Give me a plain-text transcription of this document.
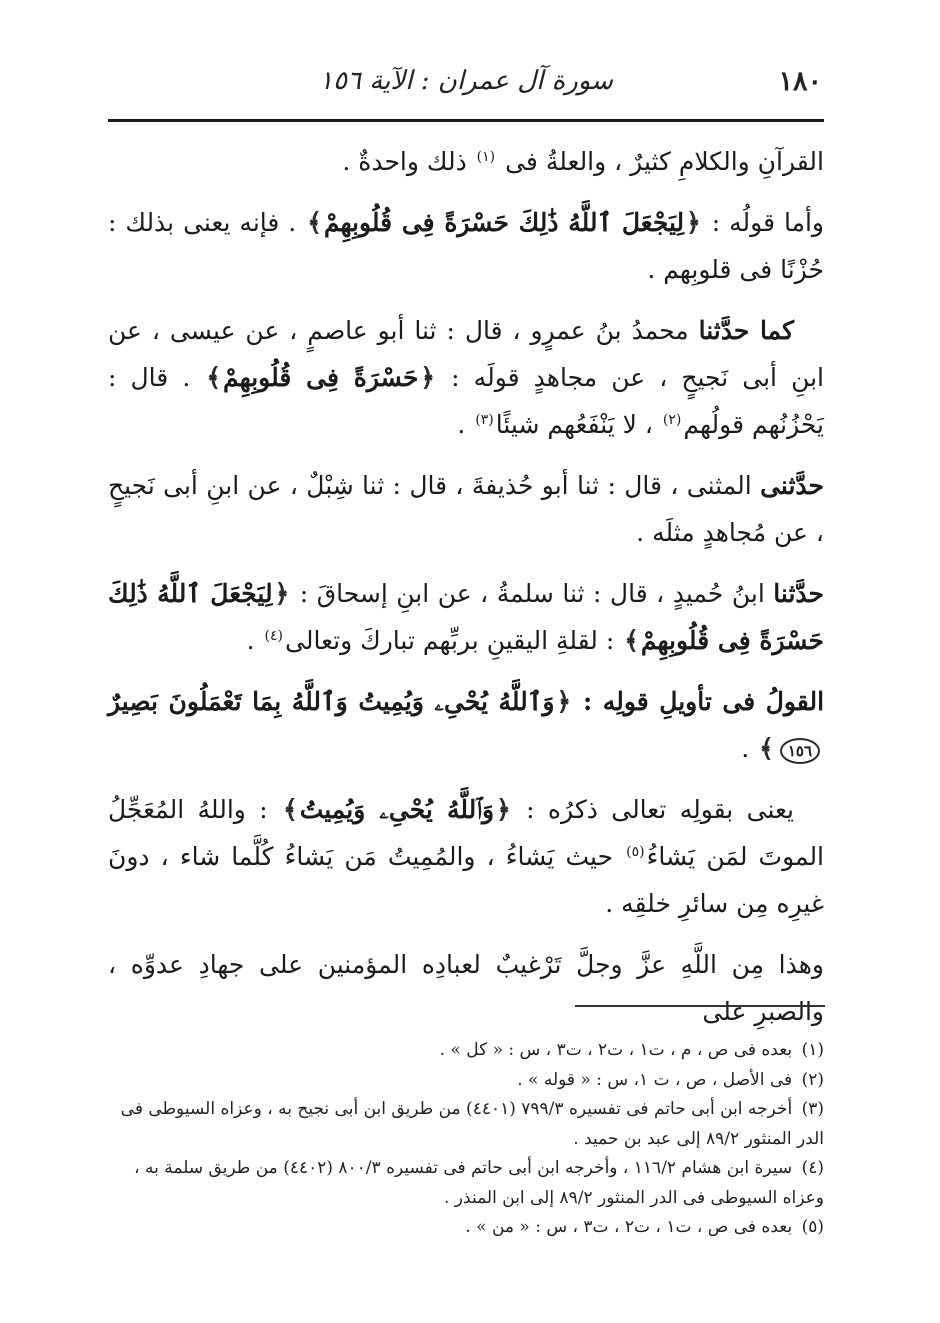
١٨٠
سورة آل عمران : الآية ١٥٦

القرآنِ والكلامِ كثيرٌ ، والعلةُ فى $^{(١)}$ ذلك واحدةٌ .

وأما قولُه : ﴿لِيَجْعَلَ ٱللَّهُ ذَٰلِكَ حَسْرَةً فِى قُلُوبِهِمْ﴾ . فإنه يعنى بذلك : حُزْنًا فى قلوبِهم .

كما حدَّثنا محمدُ بنُ عمرٍو ، قال : ثنا أبو عاصمٍ ، عن عيسى ، عن ابنِ أبى نَجيحٍ ، عن مجاهدٍ قولَه : ﴿حَسْرَةً فِى قُلُوبِهِمْ﴾ . قال : يَحْزُنُهم قولُهم$^{(٢)}$ ، لا يَنْفَعُهم شيئًا$^{(٣)}$ .

حدَّثنى المثنى ، قال : ثنا أبو حُذيفةَ ، قال : ثنا شِبْلٌ ، عن ابنِ أبى نَجيحٍ ، عن مُجاهدٍ مثلَه .

حدَّثنا ابنُ حُميدٍ ، قال : ثنا سلمةُ ، عن ابنِ إسحاقَ : ﴿لِيَجْعَلَ ٱللَّهُ ذَٰلِكَ حَسْرَةً فِى قُلُوبِهِمْ﴾ : لقلةِ اليقينِ بربِّهم تباركَ وتعالى$^{(٤)}$ .

القولُ فى تأويلِ قولِه : ﴿وَٱللَّهُ يُحْىِۦ وَيُمِيتُ وَٱللَّهُ بِمَا تَعْمَلُونَ بَصِيرٌ ١٥٦﴾ .

يعنى بقولِه تعالى ذكرُه : ﴿وَٱللَّهُ يُحْىِۦ وَيُمِيتُ﴾ : واللهُ المُعَجِّلُ الموتَ لمَن يَشاءُ$^{(٥)}$ حيث يَشاءُ ، والمُمِيتُ مَن يَشاءُ كُلَّما شاء ، دونَ غيرِه مِن سائرِ خلقِه .

وهذا مِن اللَّهِ عزَّ وجلَّ تَرْغيبٌ لعبادِه المؤمنين على جهادِ عدوِّه ، والصبرِ على

(١) بعده فى ص ، م ، ت١ ، ت٢ ، ت٣ ، س : « كل » .

(٢) فى الأصل ، ص ، ت ١، س : « قوله » .

(٣) أخرجه ابن أبى حاتم فى تفسيره ٧٩٩/٣ (٤٤٠١) من طريق ابن أبى نجيح به ، وعزاه السيوطى فى الدر المنثور ٨٩/٢ إلى عبد بن حميد .

(٤) سيرة ابن هشام ١١٦/٢ ، وأخرجه ابن أبى حاتم فى تفسيره ٨٠٠/٣ (٤٤٠٢) من طريق سلمة به ، وعزاه السيوطى فى الدر المنثور ٨٩/٢ إلى ابن المنذر .

(٥) بعده فى ص ، ت١ ، ت٢ ، ت٣ ، س : « من » .
